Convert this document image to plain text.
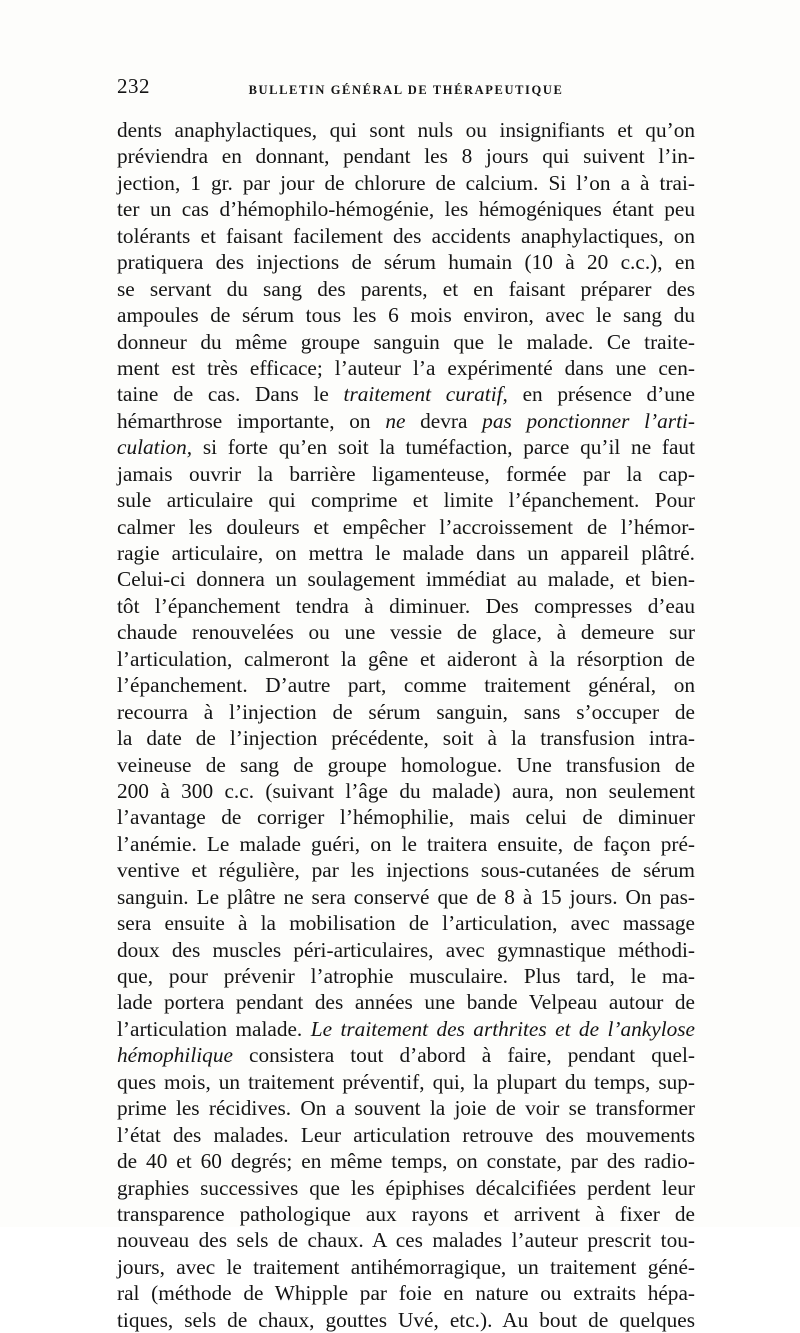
232	BULLETIN GÉNÉRAL DE THÉRAPEUTIQUE
dents anaphylactiques, qui sont nuls ou insignifiants et qu’on
préviendra en donnant, pendant les 8 jours qui suivent l’in-
jection, 1 gr. par jour de chlorure de calcium. Si l’on a à trai-
ter un cas d’hémophilo-hémogénie, les hémogéniques étant peu
tolérants et faisant facilement des accidents anaphylactiques, on
pratiquera des injections de sérum humain (10 à 20 c.c.), en
se servant du sang des parents, et en faisant préparer des
ampoules de sérum tous les 6 mois environ, avec le sang du
donneur du même groupe sanguin que le malade. Ce traite-
ment est très efficace; l’auteur l’a expérimenté dans une cen-
taine de cas. Dans le traitement curatif, en présence d’une
hémarthrose importante, on ne devra pas ponctionner l’arti-
culation, si forte qu’en soit la tuméfaction, parce qu’il ne faut
jamais ouvrir la barrière ligamenteuse, formée par la cap-
sule articulaire qui comprime et limite l’épanchement. Pour
calmer les douleurs et empêcher l’accroissement de l’hémor-
ragie articulaire, on mettra le malade dans un appareil plâtré.
Celui-ci donnera un soulagement immédiat au malade, et bien-
tôt l’épanchement tendra à diminuer. Des compresses d’eau
chaude renouvelées ou une vessie de glace, à demeure sur
l’articulation, calmeront la gêne et aideront à la résorption de
l’épanchement. D’autre part, comme traitement général, on
recourra à l’injection de sérum sanguin, sans s’occuper de
la date de l’injection précédente, soit à la transfusion intra-
veineuse de sang de groupe homologue. Une transfusion de
200 à 300 c.c. (suivant l’âge du malade) aura, non seulement
l’avantage de corriger l’hémophilie, mais celui de diminuer
l’anémie. Le malade guéri, on le traitera ensuite, de façon pré-
ventive et régulière, par les injections sous-cutanées de sérum
sanguin. Le plâtre ne sera conservé que de 8 à 15 jours. On pas-
sera ensuite à la mobilisation de l’articulation, avec massage
doux des muscles péri-articulaires, avec gymnastique méthodi-
que, pour prévenir l’atrophie musculaire. Plus tard, le ma-
lade portera pendant des années une bande Velpeau autour de
l’articulation malade. Le traitement des arthrites et de l’ankylose
hémophilique consistera tout d’abord à faire, pendant quel-
ques mois, un traitement préventif, qui, la plupart du temps, sup-
prime les récidives. On a souvent la joie de voir se transformer
l’état des malades. Leur articulation retrouve des mouvements
de 40 et 60 degrés; en même temps, on constate, par des radio-
graphies successives que les épiphises décalcifiées perdent leur
transparence pathologique aux rayons et arrivent à fixer de
nouveau des sels de chaux. A ces malades l’auteur prescrit tou-
jours, avec le traitement antihémorragique, un traitement géné-
ral (méthode de Whipple par foie en nature ou extraits hépa-
tiques, sels de chaux, gouttes Uvé, etc.). Au bout de quelques
